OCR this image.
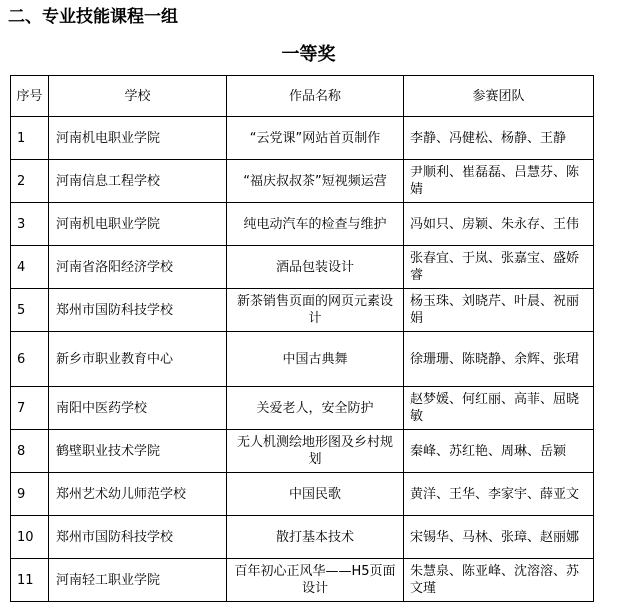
二、专业技能课程一组
一等奖
序号	学校	作品名称	参赛团队
1	河南机电职业学院	“云党课”网站首页制作	李静、冯健松、杨静、王静
2	河南信息工程学校	“福庆叔叔茶”短视频运营	尹顺利、崔磊磊、吕慧芬、陈婧
3	河南机电职业学院	纯电动汽车的检查与维护	冯如只、房颖、朱永存、王伟
4	河南省洛阳经济学校	酒品包装设计	张春宜、于岚、张嘉宝、盛娇睿
5	郑州市国防科技学校	新茶销售页面的网页元素设计	杨玉珠、刘晓芹、叶晨、祝丽娟
6	新乡市职业教育中心	中国古典舞	徐珊珊、陈晓静、余辉、张珺
7	南阳中医药学校	关爱老人，安全防护	赵梦媛、何红丽、高菲、屈晓敏
8	鹤壁职业技术学院	无人机测绘地形图及乡村规划	秦峰、苏红艳、周琳、岳颖
9	郑州艺术幼儿师范学校	中国民歌	黄洋、王华、李家宇、薛亚文
10	郑州市国防科技学校	散打基本技术	宋锡华、马林、张璋、赵丽娜
11	河南轻工职业学院	百年初心正风华——H5页面设计	朱慧泉、陈亚峰、沈溶溶、苏文瑾
